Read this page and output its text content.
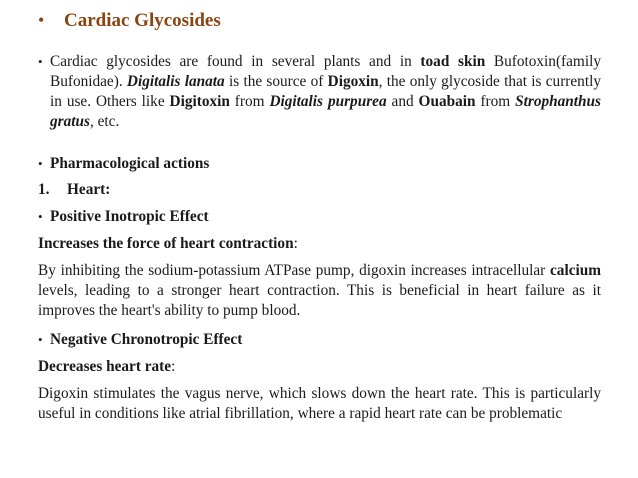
•	Cardiac Glycosides
• Cardiac glycosides are found in several plants and in toad skin Bufotoxin(family Bufonidae). Digitalis lanata is the source of Digoxin, the only glycoside that is currently in use. Others like Digitoxin from Digitalis purpurea and Ouabain from Strophanthus gratus, etc.
• Pharmacological actions
1. Heart:
• Positive Inotropic Effect
Increases the force of heart contraction:
By inhibiting the sodium-potassium ATPase pump, digoxin increases intracellular calcium levels, leading to a stronger heart contraction. This is beneficial in heart failure as it improves the heart's ability to pump blood.
• Negative Chronotropic Effect
Decreases heart rate:
Digoxin stimulates the vagus nerve, which slows down the heart rate. This is particularly useful in conditions like atrial fibrillation, where a rapid heart rate can be problematic
